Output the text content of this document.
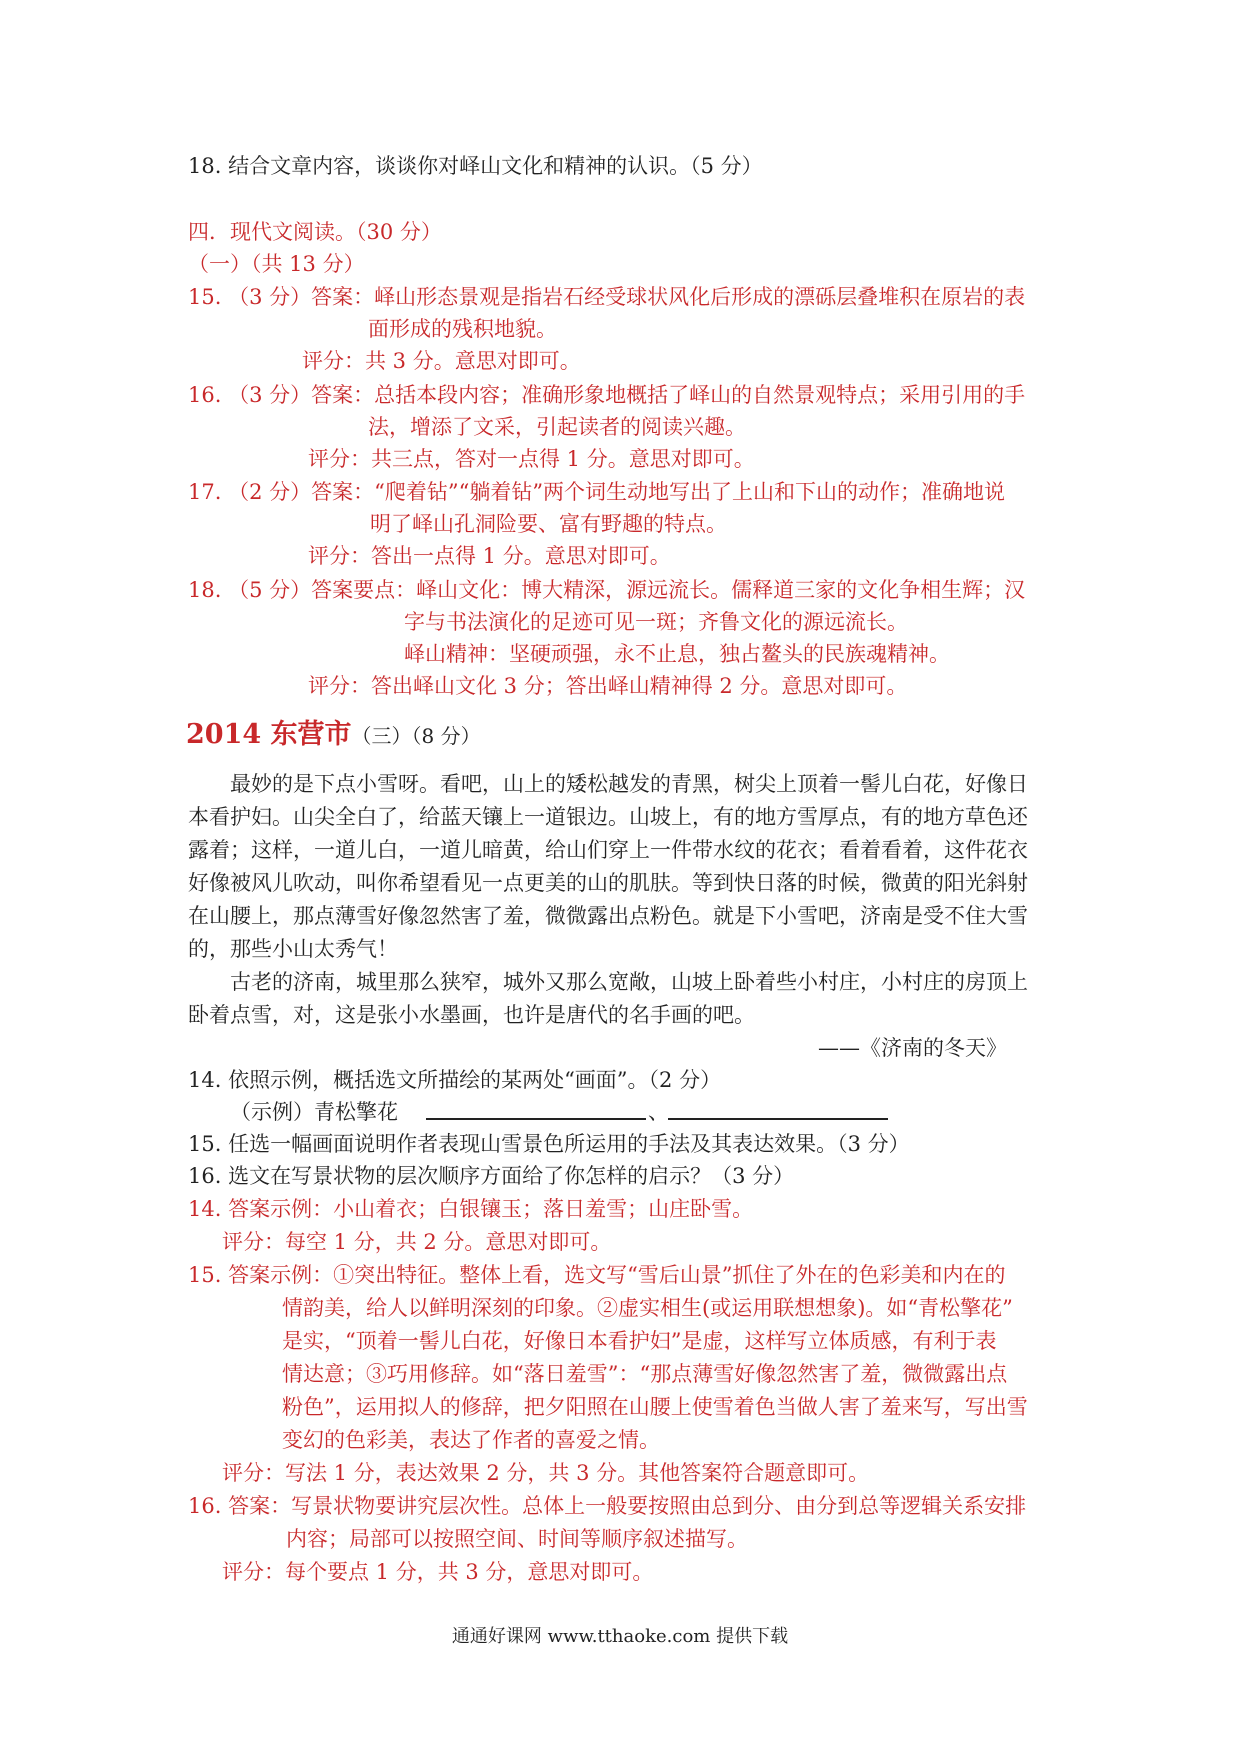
18. 结合文章内容，谈谈你对峄山文化和精神的认识。（5 分）
四．现代文阅读。（30 分）
（一）（共 13 分）
15. （3 分）答案：峄山形态景观是指岩石经受球状风化后形成的漂砾层叠堆积在原岩的表
面形成的残积地貌。
评分：共 3 分。意思对即可。
16. （3 分）答案：总括本段内容；准确形象地概括了峄山的自然景观特点；采用引用的手
法，增添了文采，引起读者的阅读兴趣。
评分：共三点，答对一点得 1 分。意思对即可。
17. （2 分）答案：“爬着钻”“躺着钻”两个词生动地写出了上山和下山的动作；准确地说
明了峄山孔洞险要、富有野趣的特点。
评分：答出一点得 1 分。意思对即可。
18. （5 分）答案要点：峄山文化：博大精深，源远流长。儒释道三家的文化争相生辉；汉
字与书法演化的足迹可见一斑；齐鲁文化的源远流长。
峄山精神：坚硬顽强，永不止息，独占鳌头的民族魂精神。
评分：答出峄山文化 3 分；答出峄山精神得 2 分。意思对即可。
2014 东营市（三）（8 分）
最妙的是下点小雪呀。看吧，山上的矮松越发的青黑，树尖上顶着一髻儿白花，好像日
本看护妇。山尖全白了，给蓝天镶上一道银边。山坡上，有的地方雪厚点，有的地方草色还
露着；这样，一道儿白，一道儿暗黄，给山们穿上一件带水纹的花衣；看着看着，这件花衣
好像被风儿吹动，叫你希望看见一点更美的山的肌肤。等到快日落的时候，微黄的阳光斜射
在山腰上，那点薄雪好像忽然害了羞，微微露出点粉色。就是下小雪吧，济南是受不住大雪
的，那些小山太秀气！
古老的济南，城里那么狭窄，城外又那么宽敞，山坡上卧着些小村庄，小村庄的房顶上
卧着点雪，对，这是张小水墨画，也许是唐代的名手画的吧。
——《济南的冬天》
14. 依照示例，概括选文所描绘的某两处“画面”。（2 分）
（示例）青松擎花	、
15. 任选一幅画面说明作者表现山雪景色所运用的手法及其表达效果。（3 分）
16. 选文在写景状物的层次顺序方面给了你怎样的启示？（3 分）
14. 答案示例：小山着衣；白银镶玉；落日羞雪；山庄卧雪。
评分：每空 1 分，共 2 分。意思对即可。
15. 答案示例：①突出特征。整体上看，选文写“雪后山景”抓住了外在的色彩美和内在的
情韵美，给人以鲜明深刻的印象。②虚实相生(或运用联想想象)。如“青松擎花”
是实，“顶着一髻儿白花，好像日本看护妇”是虚，这样写立体质感，有利于表
情达意；③巧用修辞。如“落日羞雪”：“那点薄雪好像忽然害了羞，微微露出点
粉色”，运用拟人的修辞，把夕阳照在山腰上使雪着色当做人害了羞来写，写出雪
变幻的色彩美，表达了作者的喜爱之情。
评分：写法 1 分，表达效果 2 分，共 3 分。其他答案符合题意即可。
16. 答案：写景状物要讲究层次性。总体上一般要按照由总到分、由分到总等逻辑关系安排
内容；局部可以按照空间、时间等顺序叙述描写。
评分：每个要点 1 分，共 3 分，意思对即可。
通通好课网 www.tthaoke.com 提供下载
